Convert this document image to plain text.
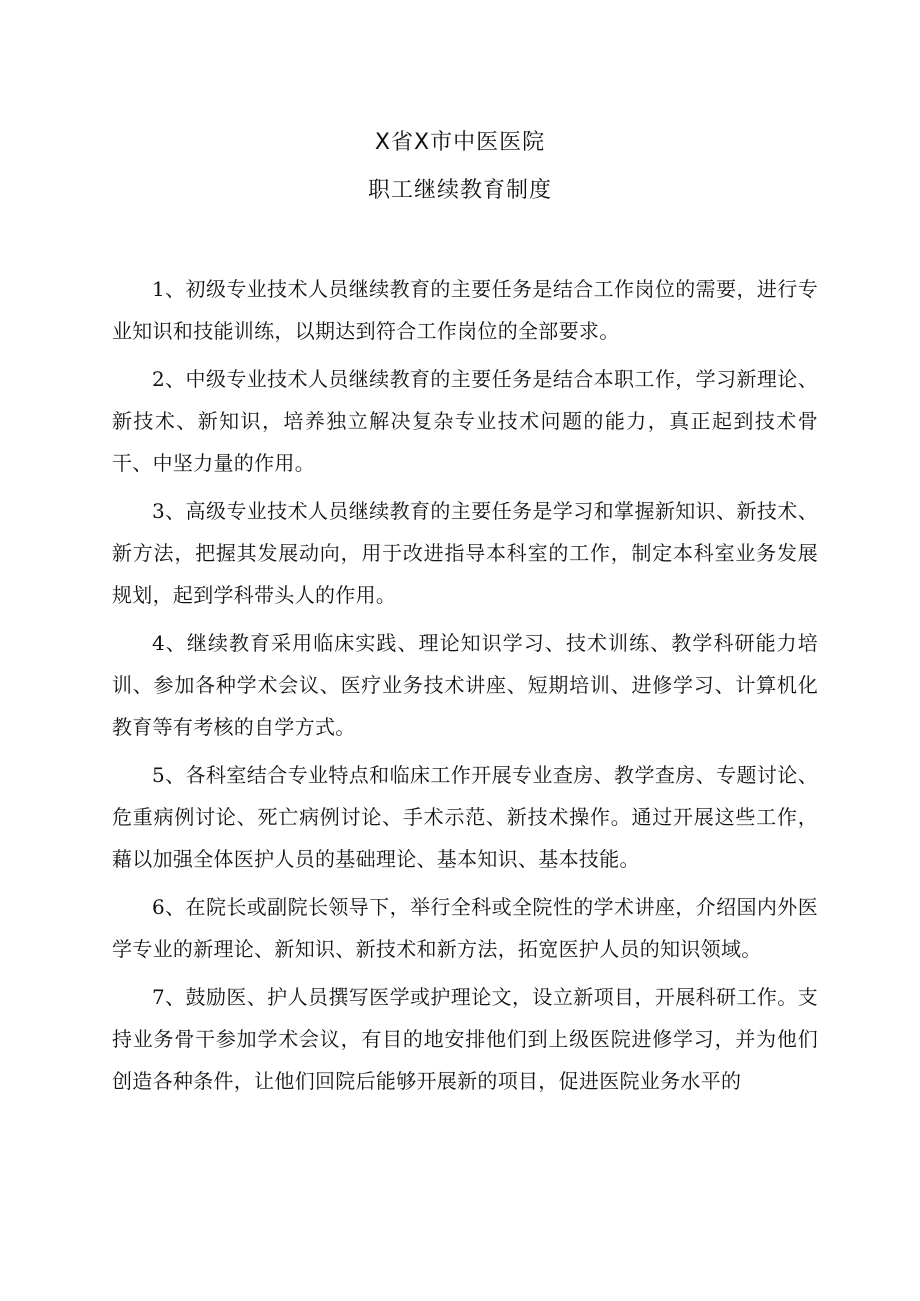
X省X市中医医院
职工继续教育制度

1、初级专业技术人员继续教育的主要任务是结合工作岗位的需要，进行专业知识和技能训练，以期达到符合工作岗位的全部要求。

2、中级专业技术人员继续教育的主要任务是结合本职工作，学习新理论、新技术、新知识，培养独立解决复杂专业技术问题的能力，真正起到技术骨干、中坚力量的作用。

3、高级专业技术人员继续教育的主要任务是学习和掌握新知识、新技术、新方法，把握其发展动向，用于改进指导本科室的工作，制定本科室业务发展规划，起到学科带头人的作用。

4、继续教育采用临床实践、理论知识学习、技术训练、教学科研能力培训、参加各种学术会议、医疗业务技术讲座、短期培训、进修学习、计算机化教育等有考核的自学方式。

5、各科室结合专业特点和临床工作开展专业查房、教学查房、专题讨论、危重病例讨论、死亡病例讨论、手术示范、新技术操作。通过开展这些工作，藉以加强全体医护人员的基础理论、基本知识、基本技能。

6、在院长或副院长领导下，举行全科或全院性的学术讲座，介绍国内外医学专业的新理论、新知识、新技术和新方法，拓宽医护人员的知识领域。

7、鼓励医、护人员撰写医学或护理论文，设立新项目，开展科研工作。支持业务骨干参加学术会议，有目的地安排他们到上级医院进修学习，并为他们创造各种条件，让他们回院后能够开展新的项目，促进医院业务水平的
